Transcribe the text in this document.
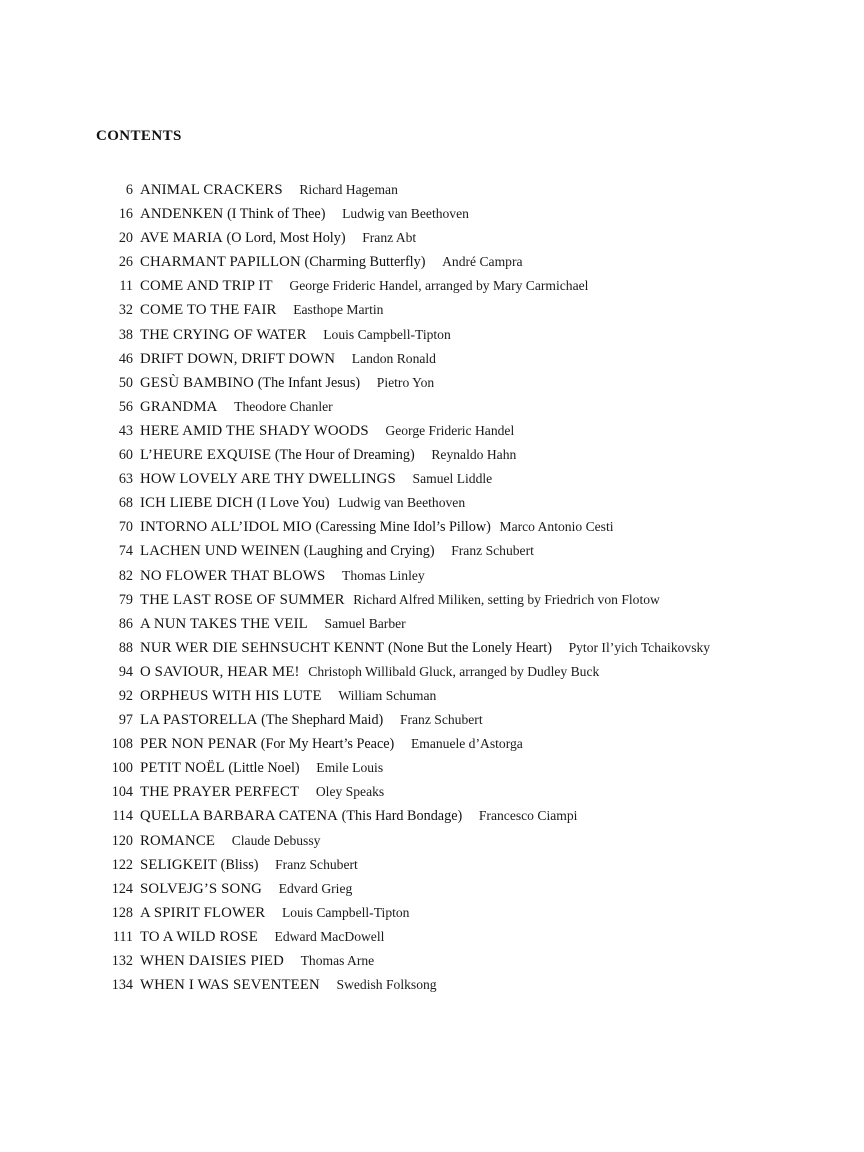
CONTENTS
6 ANIMAL CRACKERS Richard Hageman
16 ANDENKEN (I Think of Thee) Ludwig van Beethoven
20 AVE MARIA (O Lord, Most Holy) Franz Abt
26 CHARMANT PAPILLON (Charming Butterfly) André Campra
11 COME AND TRIP IT George Frideric Handel, arranged by Mary Carmichael
32 COME TO THE FAIR Easthope Martin
38 THE CRYING OF WATER Louis Campbell-Tipton
46 DRIFT DOWN, DRIFT DOWN Landon Ronald
50 GESÙ BAMBINO (The Infant Jesus) Pietro Yon
56 GRANDMA Theodore Chanler
43 HERE AMID THE SHADY WOODS George Frideric Handel
60 L’HEURE EXQUISE (The Hour of Dreaming) Reynaldo Hahn
63 HOW LOVELY ARE THY DWELLINGS Samuel Liddle
68 ICH LIEBE DICH (I Love You) Ludwig van Beethoven
70 INTORNO ALL’IDOL MIO (Caressing Mine Idol’s Pillow) Marco Antonio Cesti
74 LACHEN UND WEINEN (Laughing and Crying) Franz Schubert
82 NO FLOWER THAT BLOWS Thomas Linley
79 THE LAST ROSE OF SUMMER Richard Alfred Miliken, setting by Friedrich von Flotow
86 A NUN TAKES THE VEIL Samuel Barber
88 NUR WER DIE SEHNSUCHT KENNT (None But the Lonely Heart) Pytor Il’yich Tchaikovsky
94 O SAVIOUR, HEAR ME! Christoph Willibald Gluck, arranged by Dudley Buck
92 ORPHEUS WITH HIS LUTE William Schuman
97 LA PASTORELLA (The Shephard Maid) Franz Schubert
108 PER NON PENAR (For My Heart’s Peace) Emanuele d’Astorga
100 PETIT NOËL (Little Noel) Emile Louis
104 THE PRAYER PERFECT Oley Speaks
114 QUELLA BARBARA CATENA (This Hard Bondage) Francesco Ciampi
120 ROMANCE Claude Debussy
122 SELIGKEIT (Bliss) Franz Schubert
124 SOLVEJG’S SONG Edvard Grieg
128 A SPIRIT FLOWER Louis Campbell-Tipton
111 TO A WILD ROSE Edward MacDowell
132 WHEN DAISIES PIED Thomas Arne
134 WHEN I WAS SEVENTEEN Swedish Folksong
